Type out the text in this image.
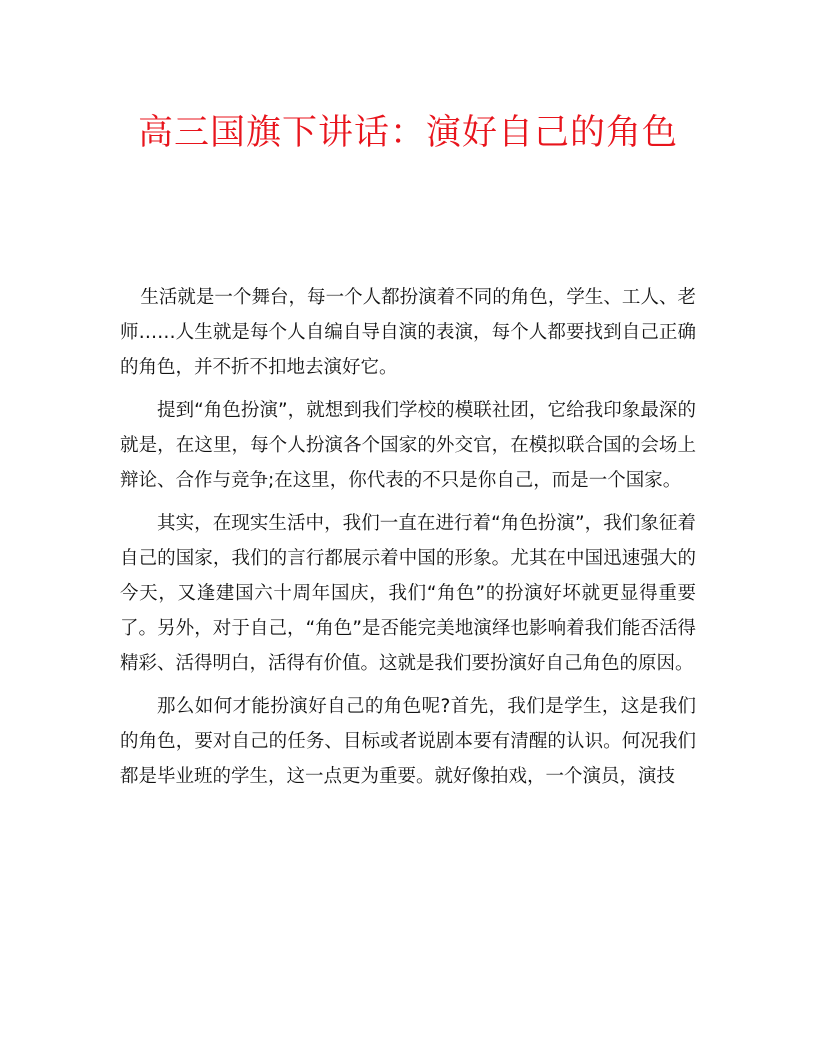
高三国旗下讲话：演好自己的角色

生活就是一个舞台，每一个人都扮演着不同的角色，学生、工人、老师……人生就是每个人自编自导自演的表演，每个人都要找到自己正确的角色，并不折不扣地去演好它。

提到“角色扮演”，就想到我们学校的模联社团，它给我印象最深的就是，在这里，每个人扮演各个国家的外交官，在模拟联合国的会场上辩论、合作与竞争;在这里，你代表的不只是你自己，而是一个国家。

其实，在现实生活中，我们一直在进行着“角色扮演”，我们象征着自己的国家，我们的言行都展示着中国的形象。尤其在中国迅速强大的今天，又逢建国六十周年国庆，我们“角色”的扮演好坏就更显得重要了。另外，对于自己，“角色”是否能完美地演绎也影响着我们能否活得精彩、活得明白，活得有价值。这就是我们要扮演好自己角色的原因。

那么如何才能扮演好自己的角色呢?首先，我们是学生，这是我们的角色，要对自己的任务、目标或者说剧本要有清醒的认识。何况我们都是毕业班的学生，这一点更为重要。就好像拍戏，一个演员，演技
